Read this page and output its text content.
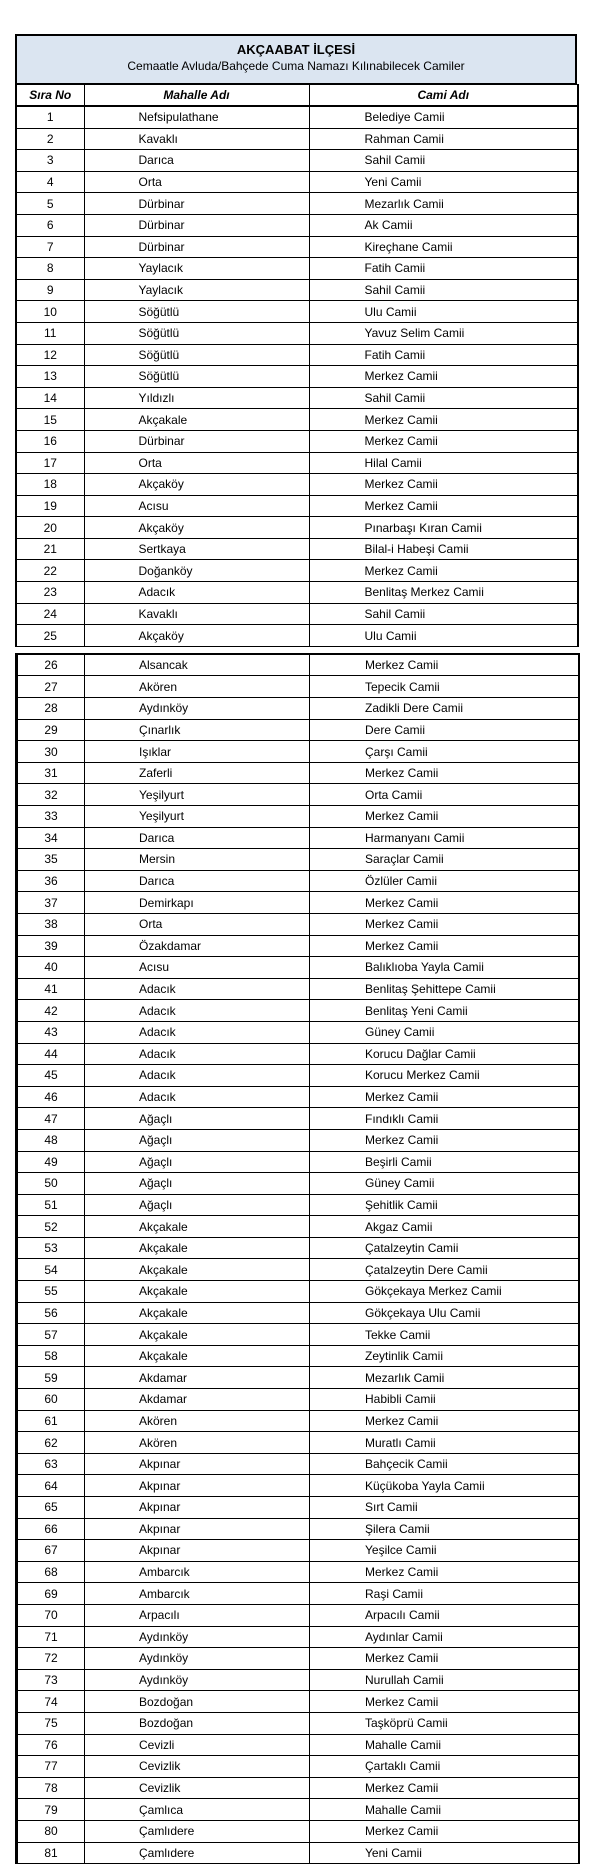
AKÇAABAT İLÇESİ
Cemaatle Avluda/Bahçede Cuma Namazı Kılınabilecek Camiler
Sıra No	Mahalle Adı	Cami Adı
1	Nefsipulathane	Belediye Camii
2	Kavaklı	Rahman Camii
3	Darıca	Sahil Camii
4	Orta	Yeni Camii
5	Dürbinar	Mezarlık Camii
6	Dürbinar	Ak Camii
7	Dürbinar	Kireçhane Camii
8	Yaylacık	Fatih Camii
9	Yaylacık	Sahil Camii
10	Söğütlü	Ulu Camii
11	Söğütlü	Yavuz Selim Camii
12	Söğütlü	Fatih Camii
13	Söğütlü	Merkez Camii
14	Yıldızlı	Sahil Camii
15	Akçakale	Merkez Camii
16	Dürbinar	Merkez Camii
17	Orta	Hilal Camii
18	Akçaköy	Merkez Camii
19	Acısu	Merkez Camii
20	Akçaköy	Pınarbaşı Kıran Camii
21	Sertkaya	Bilal-i Habeşi Camii
22	Doğanköy	Merkez Camii
23	Adacık	Benlitaş Merkez Camii
24	Kavaklı	Sahil Camii
25	Akçaköy	Ulu Camii
26	Alsancak	Merkez Camii
27	Akören	Tepecik Camii
28	Aydınköy	Zadikli Dere Camii
29	Çınarlık	Dere Camii
30	Işıklar	Çarşı Camii
31	Zaferli	Merkez Camii
32	Yeşilyurt	Orta Camii
33	Yeşilyurt	Merkez Camii
34	Darıca	Harmanyanı Camii
35	Mersin	Saraçlar Camii
36	Darıca	Özlüler Camii
37	Demirkapı	Merkez Camii
38	Orta	Merkez Camii
39	Özakdamar	Merkez Camii
40	Acısu	Balıklıoba Yayla Camii
41	Adacık	Benlitaş Şehittepe Camii
42	Adacık	Benlitaş Yeni Camii
43	Adacık	Güney Camii
44	Adacık	Korucu Dağlar Camii
45	Adacık	Korucu Merkez Camii
46	Adacık	Merkez Camii
47	Ağaçlı	Fındıklı Camii
48	Ağaçlı	Merkez Camii
49	Ağaçlı	Beşirli Camii
50	Ağaçlı	Güney Camii
51	Ağaçlı	Şehitlik Camii
52	Akçakale	Akgaz Camii
53	Akçakale	Çatalzeytin Camii
54	Akçakale	Çatalzeytin Dere Camii
55	Akçakale	Gökçekaya Merkez Camii
56	Akçakale	Gökçekaya Ulu Camii
57	Akçakale	Tekke Camii
58	Akçakale	Zeytinlik Camii
59	Akdamar	Mezarlık Camii
60	Akdamar	Habibli Camii
61	Akören	Merkez Camii
62	Akören	Muratlı Camii
63	Akpınar	Bahçecik Camii
64	Akpınar	Küçükoba Yayla Camii
65	Akpınar	Sırt Camii
66	Akpınar	Şilera Camii
67	Akpınar	Yeşilce Camii
68	Ambarcık	Merkez Camii
69	Ambarcık	Raşi Camii
70	Arpacılı	Arpacılı Camii
71	Aydınköy	Aydınlar Camii
72	Aydınköy	Merkez Camii
73	Aydınköy	Nurullah Camii
74	Bozdoğan	Merkez Camii
75	Bozdoğan	Taşköprü Camii
76	Cevizli	Mahalle Camii
77	Cevizlik	Çartaklı Camii
78	Cevizlik	Merkez Camii
79	Çamlıca	Mahalle Camii
80	Çamlıdere	Merkez Camii
81	Çamlıdere	Yeni Camii
